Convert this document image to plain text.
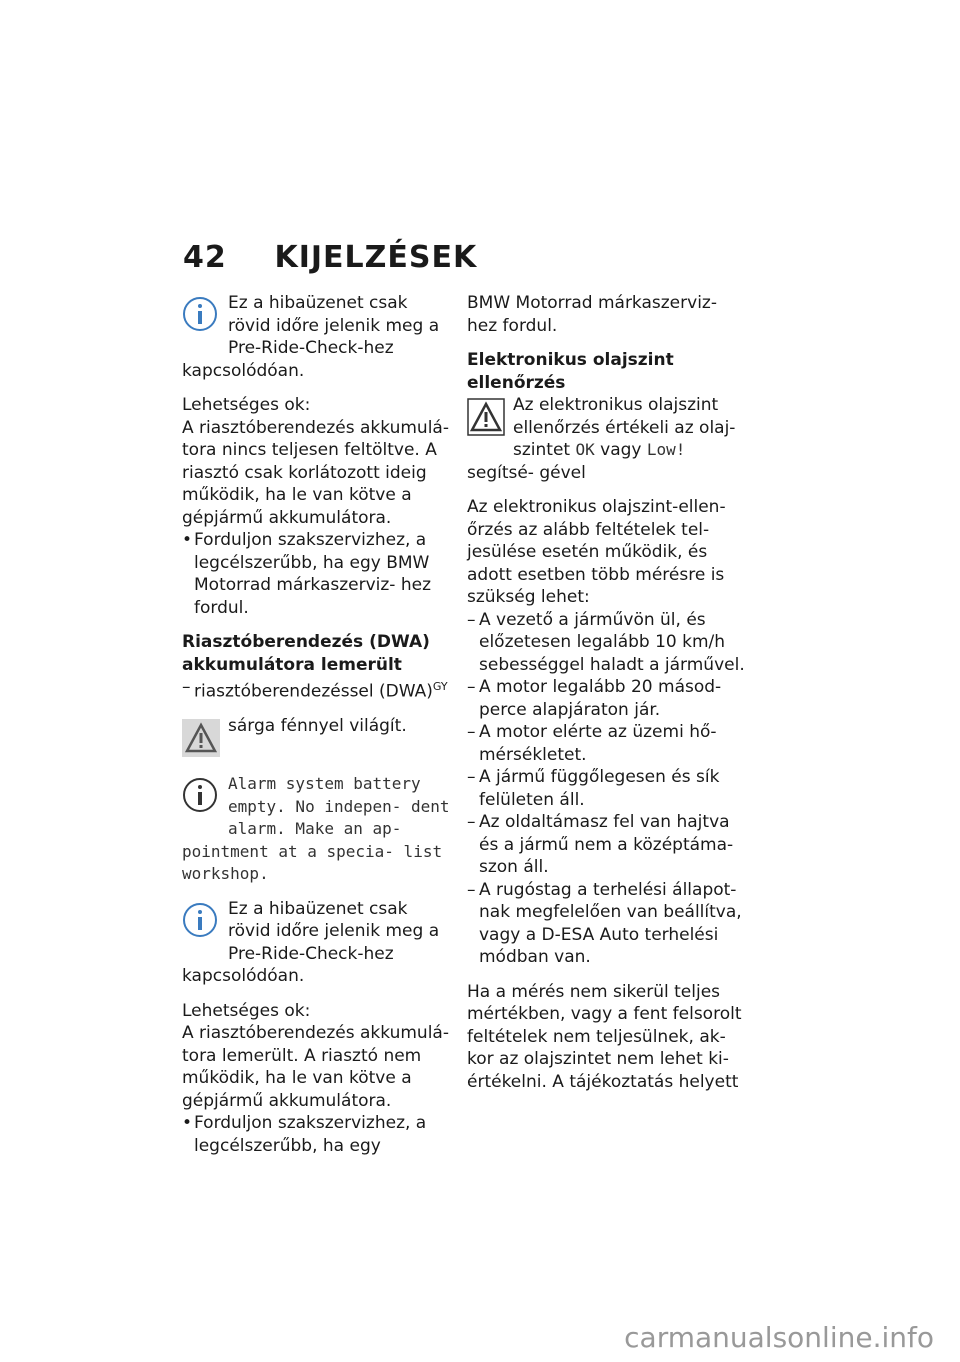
42 KIJELZÉSEK
Ez a hibaüzenet csak rövid időre jelenik meg a Pre-Ride-Check-hez kapcsolódóan.
Lehetséges ok:
A riasztóberendezés akkumulá- tora nincs teljesen feltöltve. A riasztó csak korlátozott ideig működik, ha le van kötve a gépjármű akkumulátora.
• Forduljon szakszervizhez, a legcélszerűbb, ha egy BMW Motorrad márkaszerviz- hez fordul.
Riasztóberendezés (DWA) akkumulátora lemerült
– riasztóberendezéssel (DWA)$^{GY}$
sárga fénnyel világít.
Alarm system battery empty. No indepen- dent alarm. Make an ap- pointment at a specia- list workshop.
Ez a hibaüzenet csak rövid időre jelenik meg a Pre-Ride-Check-hez kapcsolódóan.
Lehetséges ok:
A riasztóberendezés akkumulá- tora lemerült. A riasztó nem működik, ha le van kötve a gépjármű akkumulátora.
• Forduljon szakszervizhez, a legcélszerűbb, ha egy
BMW Motorrad márkaszerviz- hez fordul.
Elektronikus olajszint ellenőrzés
Az elektronikus olajszint ellenőrzés értékeli az olaj- szintet OK vagy Low! segítsé- gével
Az elektronikus olajszint-ellen- őrzés az alább feltételek tel- jesülése esetén működik, és adott esetben több mérésre is szükség lehet:
– A vezető a járművön ül, és előzetesen legalább 10 km/h sebességgel haladt a járművel.
– A motor legalább 20 másod- perce alapjáraton jár.
– A motor elérte az üzemi hő- mérsékletet.
– A jármű függőlegesen és sík felületen áll.
– Az oldaltámasz fel van hajtva és a jármű nem a középtáma- szon áll.
– A rugóstag a terhelési állapot- nak megfelelően van beállítva, vagy a D-ESA Auto terhelési módban van.
Ha a mérés nem sikerül teljes mértékben, vagy a fent felsorolt feltételek nem teljesülnek, ak- kor az olajszintet nem lehet ki- értékelni. A tájékoztatás helyett
carmanualsonline.info
